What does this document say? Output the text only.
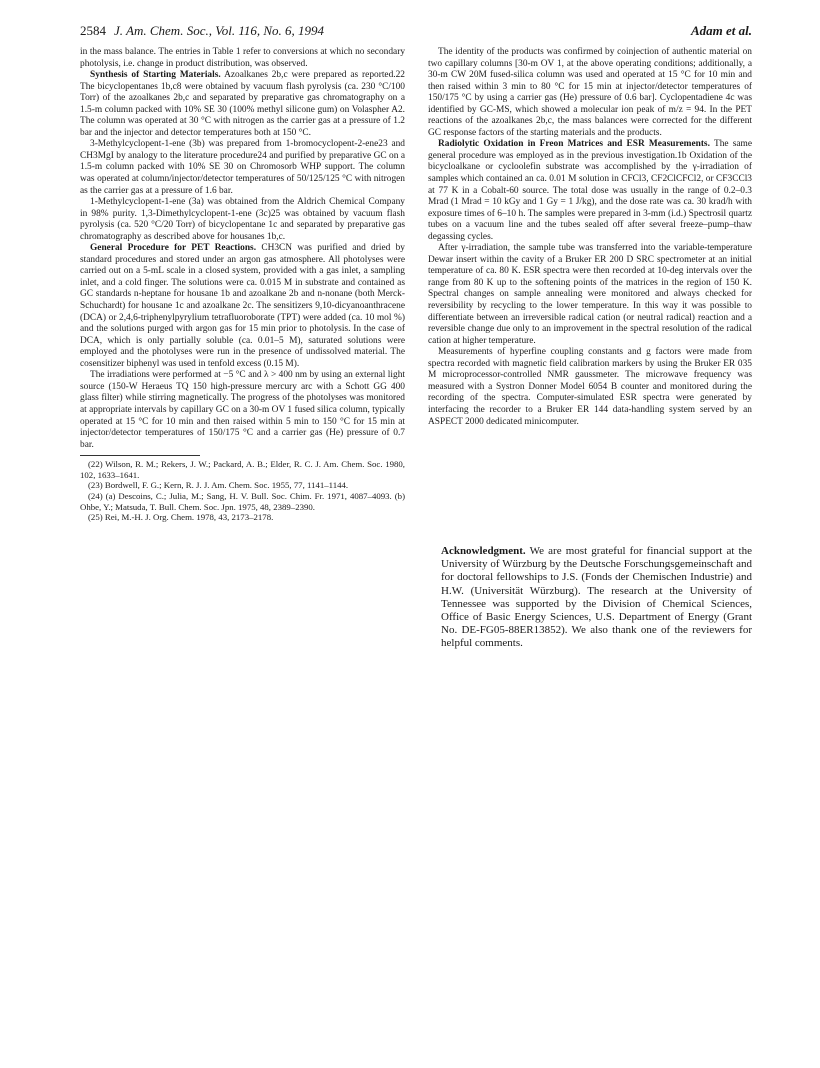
2584 J. Am. Chem. Soc., Vol. 116, No. 6, 1994	Adam et al.

in the mass balance. The entries in Table 1 refer to conversions at which no secondary photolysis, i.e. change in product distribution, was observed.

Synthesis of Starting Materials. Azoalkanes 2b,c were prepared as reported.22 The bicyclopentanes 1b,c8 were obtained by vacuum flash pyrolysis (ca. 230 °C/100 Torr) of the azoalkanes 2b,c and separated by preparative gas chromatography on a 1.5-m column packed with 10% SE 30 (100% methyl silicone gum) on Volaspher A2. The column was operated at 30 °C with nitrogen as the carrier gas at a pressure of 1.2 bar and the injector and detector temperatures both at 150 °C.

3-Methylcyclopent-1-ene (3b) was prepared from 1-bromocyclopent-2-ene23 and CH3MgI by analogy to the literature procedure24 and purified by preparative GC on a 1.5-m column packed with 10% SE 30 on Chromosorb WHP support. The column was operated at column/injector/detector temperatures of 50/125/125 °C with nitrogen as the carrier gas at a pressure of 1.6 bar.

1-Methylcyclopent-1-ene (3a) was obtained from the Aldrich Chemical Company in 98% purity. 1,3-Dimethylcyclopent-1-ene (3c)25 was obtained by vacuum flash pyrolysis (ca. 520 °C/20 Torr) of bicyclopentane 1c and separated by preparative gas chromatography as described above for housanes 1b,c.

General Procedure for PET Reactions. CH3CN was purified and dried by standard procedures and stored under an argon gas atmosphere. All photolyses were carried out on a 5-mL scale in a closed system, provided with a gas inlet, a sampling inlet, and a cold finger. The solutions were ca. 0.015 M in substrate and contained as GC standards n-heptane for housane 1b and azoalkane 2b and n-nonane (both Merck-Schuchardt) for housane 1c and azoalkane 2c. The sensitizers 9,10-dicyanoanthracene (DCA) or 2,4,6-triphenylpyrylium tetrafluoroborate (TPT) were added (ca. 10 mol %) and the solutions purged with argon gas for 15 min prior to photolysis. In the case of DCA, which is only partially soluble (ca. 0.01–5 M), saturated solutions were employed and the photolyses were run in the presence of undissolved material. The cosensitizer biphenyl was used in tenfold excess (0.15 M).

The irradiations were performed at −5 °C and λ > 400 nm by using an external light source (150-W Heraeus TQ 150 high-pressure mercury arc with a Schott GG 400 glass filter) while stirring magnetically. The progress of the photolyses was monitored at appropriate intervals by capillary GC on a 30-m OV 1 fused silica column, typically operated at 15 °C for 10 min and then raised within 5 min to 150 °C for 15 min at injector/detector temperatures of 150/175 °C and a carrier gas (He) pressure of 0.7 bar.

(22) Wilson, R. M.; Rekers, J. W.; Packard, A. B.; Elder, R. C. J. Am. Chem. Soc. 1980, 102, 1633–1641.

(23) Bordwell, F. G.; Kern, R. J. J. Am. Chem. Soc. 1955, 77, 1141–1144.

(24) (a) Descoins, C.; Julia, M.; Sang, H. V. Bull. Soc. Chim. Fr. 1971, 4087–4093. (b) Ohbe, Y.; Matsuda, T. Bull. Chem. Soc. Jpn. 1975, 48, 2389–2390.

(25) Rei, M.-H. J. Org. Chem. 1978, 43, 2173–2178.

The identity of the products was confirmed by coinjection of authentic material on two capillary columns [30-m OV 1, at the above operating conditions; additionally, a 30-m CW 20M fused-silica column was used and operated at 15 °C for 10 min and then raised within 3 min to 80 °C for 15 min at injector/detector temperatures of 150/175 °C by using a carrier gas (He) pressure of 0.6 bar]. Cyclopentadiene 4c was identified by GC-MS, which showed a molecular ion peak of m/z = 94. In the PET reactions of the azoalkanes 2b,c, the mass balances were corrected for the different GC response factors of the starting materials and the products.

Radiolytic Oxidation in Freon Matrices and ESR Measurements. The same general procedure was employed as in the previous investigation.1b Oxidation of the bicycloalkane or cycloolefin substrate was accomplished by the γ-irradiation of samples which contained an ca. 0.01 M solution in CFCl3, CF2ClCFCl2, or CF3CCl3 at 77 K in a Cobalt-60 source. The total dose was usually in the range of 0.2–0.3 Mrad (1 Mrad = 10 kGy and 1 Gy = 1 J/kg), and the dose rate was ca. 30 krad/h with exposure times of 6–10 h. The samples were prepared in 3-mm (i.d.) Spectrosil quartz tubes on a vacuum line and the tubes sealed off after several freeze–pump–thaw degassing cycles.

After γ-irradiation, the sample tube was transferred into the variable-temperature Dewar insert within the cavity of a Bruker ER 200 D SRC spectrometer at an initial temperature of ca. 80 K. ESR spectra were then recorded at 10-deg intervals over the range from 80 K up to the softening points of the matrices in the region of 150 K. Spectral changes on sample annealing were monitored and always checked for reversibility by recycling to the lower temperature. In this way it was possible to differentiate between an irreversible radical cation (or neutral radical) reaction and a reversible change due only to an improvement in the spectral resolution of the radical cation at higher temperature.

Measurements of hyperfine coupling constants and g factors were made from spectra recorded with magnetic field calibration markers by using the Bruker ER 035 M microprocessor-controlled NMR gaussmeter. The microwave frequency was measured with a Systron Donner Model 6054 B counter and monitored during the recording of the spectra. Computer-simulated ESR spectra were generated by interfacing the recorder to a Bruker ER 144 data-handling system served by an ASPECT 2000 dedicated minicomputer.

Acknowledgment. We are most grateful for financial support at the University of Würzburg by the Deutsche Forschungsgemeinschaft and for doctoral fellowships to J.S. (Fonds der Chemischen Industrie) and H.W. (Universität Würzburg). The research at the University of Tennessee was supported by the Division of Chemical Sciences, Office of Basic Energy Sciences, U.S. Department of Energy (Grant No. DE-FG05-88ER13852). We also thank one of the reviewers for helpful comments.
